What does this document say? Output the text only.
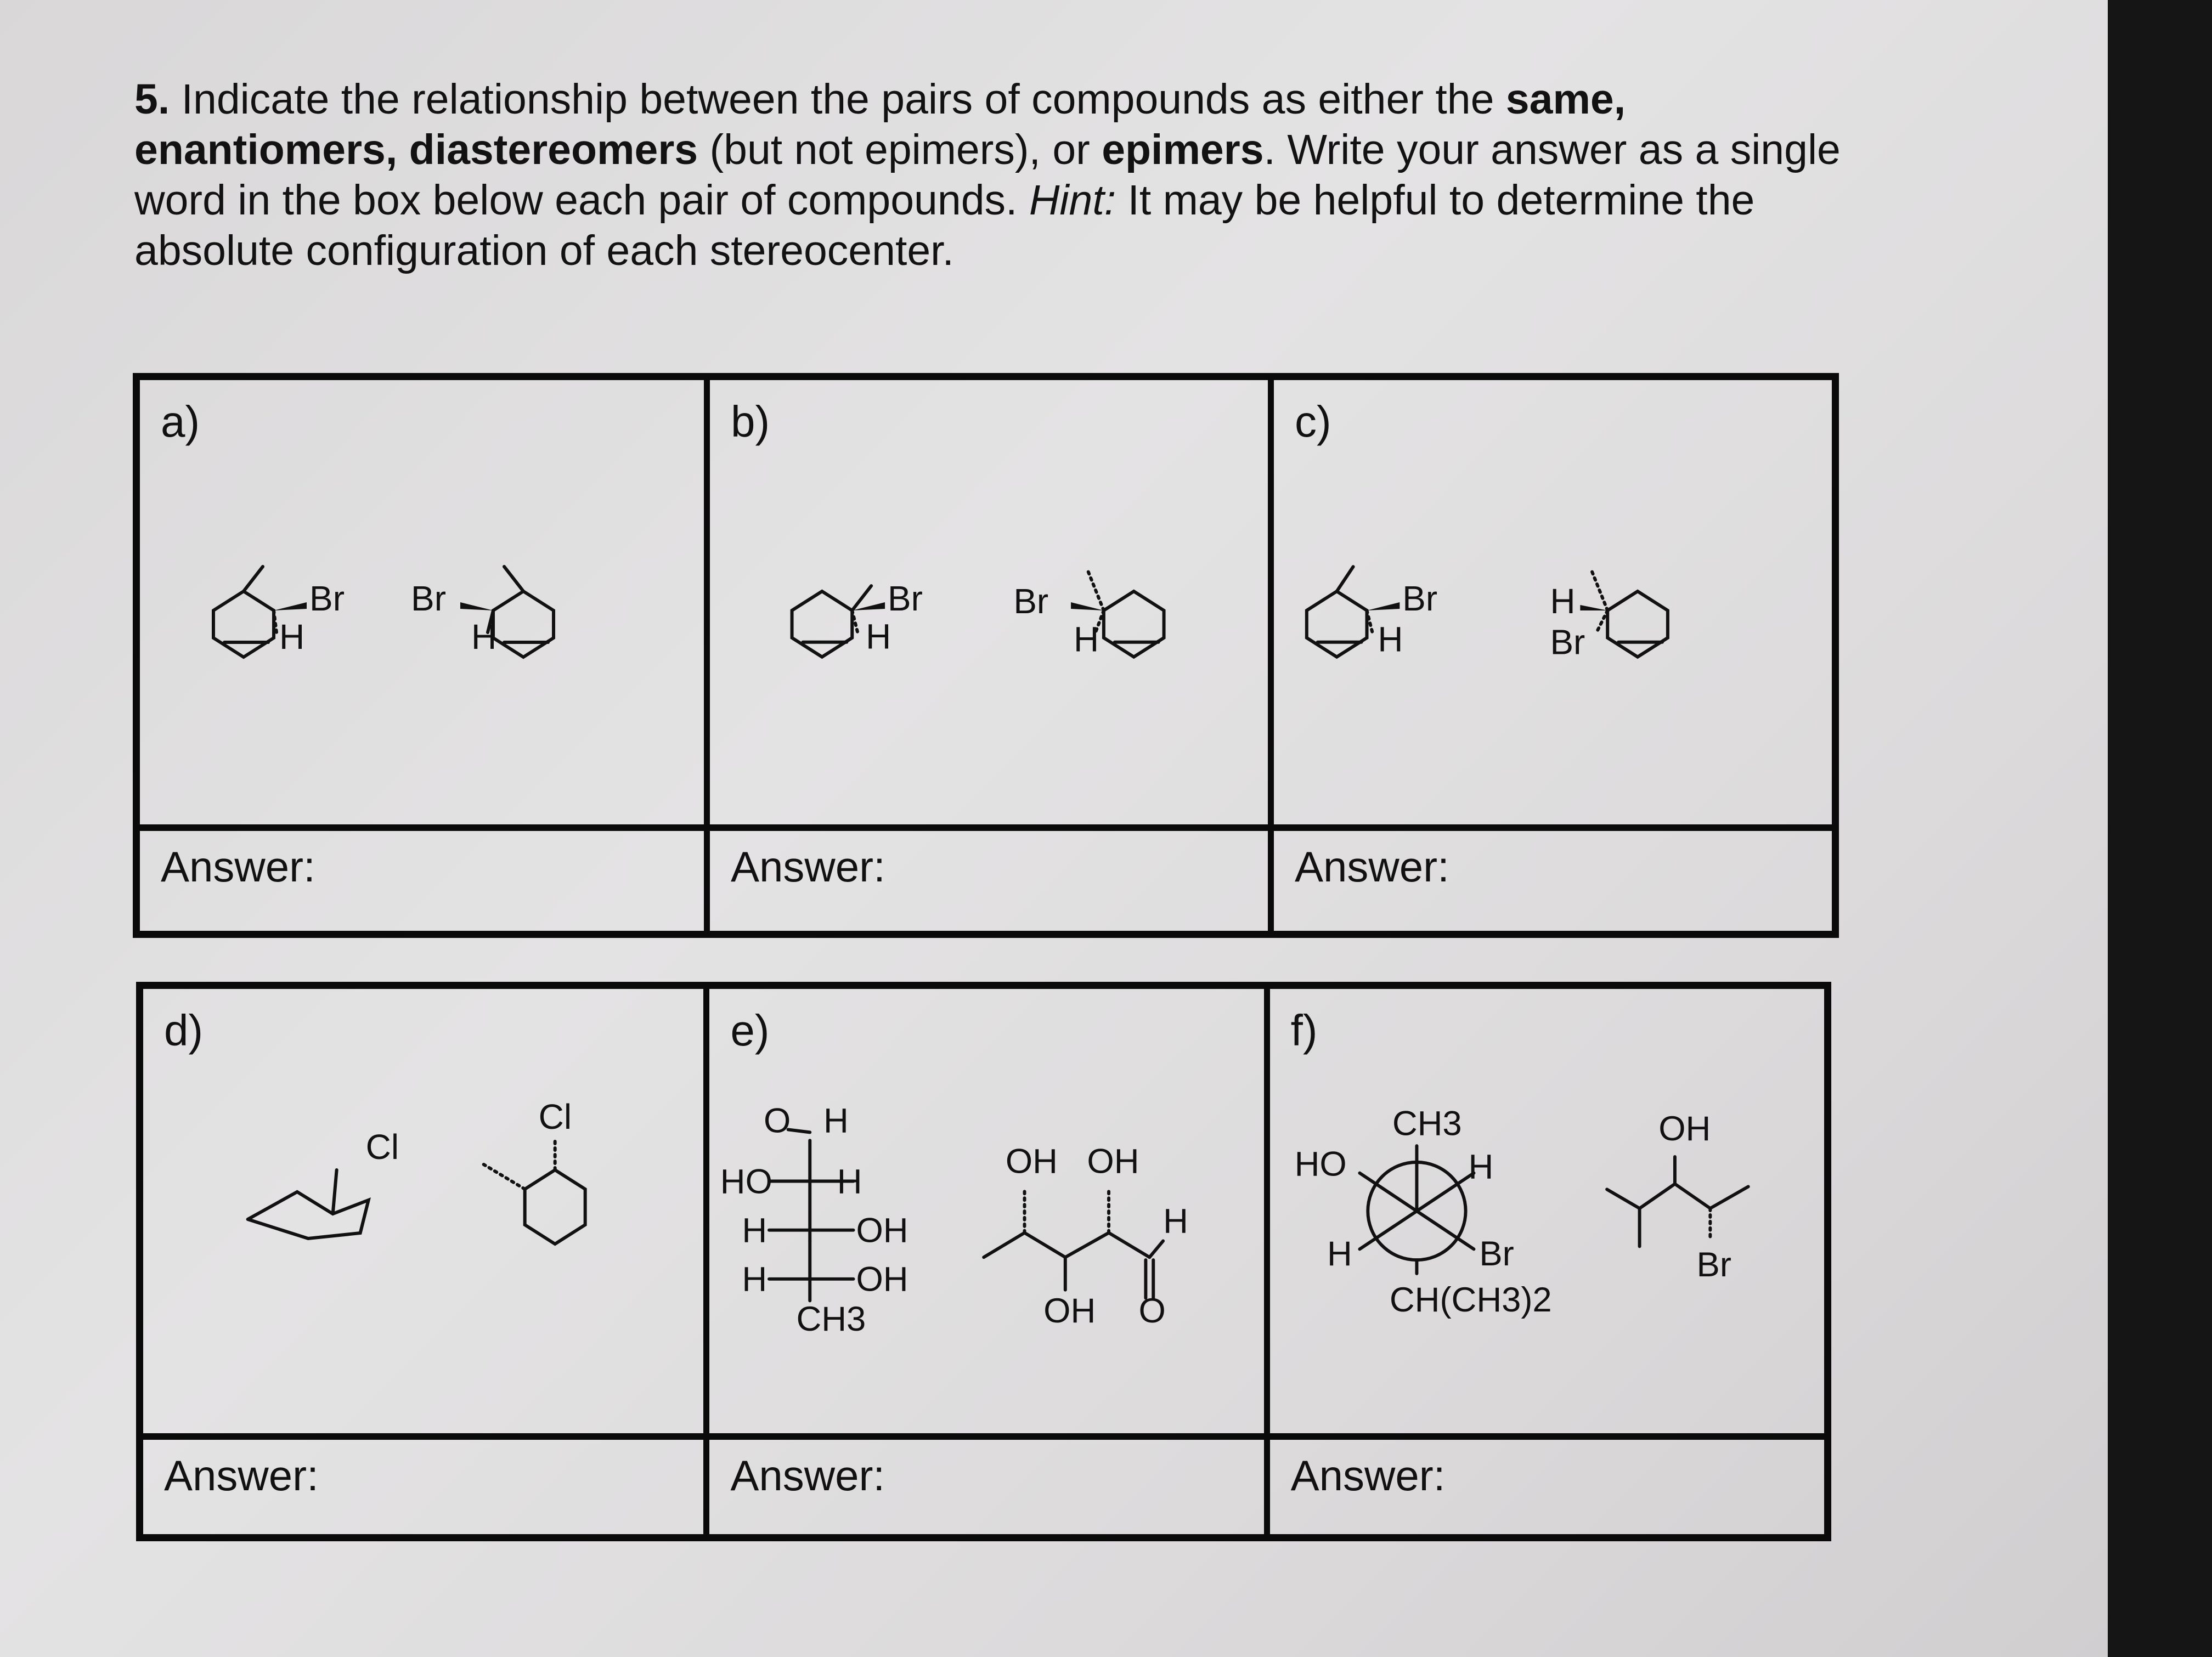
5. Indicate the relationship between the pairs of compounds as either the same, enantiomers, diastereomers (but not epimers), or epimers. Write your answer as a single word in the box below each pair of compounds. Hint: It may be helpful to determine the absolute configuration of each stereocenter.
a)
Br
H
Br
H
b)
Br
H
Br
H
c)
Br
H
H
Br
Answer:	Answer:	Answer:
d)
Cl
Cl
e)
O H
HO H
H	OH
H	OH
CH3
OH OH
H
OH O
f)
CH3
HO	H
H	Br
CH(CH3)2
OH
Br
Answer:	Answer:	Answer:
